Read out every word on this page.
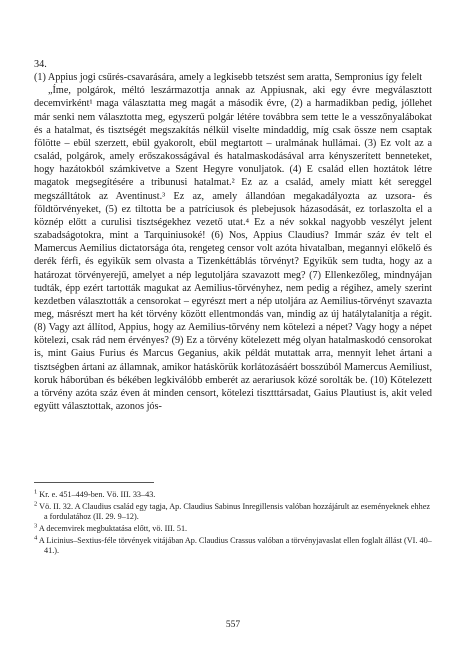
34.

(1) Appius jogi csűrés-csavarására, amely a legkisebb tetszést sem aratta, Sempronius így felelt

„Íme, polgárok, méltó leszármazottja annak az Appiusnak, aki egy évre megválasztott decemvirként¹ maga választatta meg magát a második évre, (2) a harmadikban pedig, jóllehet már senki nem választotta meg, egyszerű polgár létére továbbra sem tette le a vesszőnyalábokat és a hatalmat, és tisztségét megszakítás nélkül viselte mindaddig, míg csak össze nem csaptak fölötte – ebül szerzett, ebül gyakorolt, ebül megtartott – uralmának hullámai. (3) Ez volt az a család, polgárok, amely erőszakosságával és hatalmaskodásával arra kényszerített benneteket, hogy hazátokból számkivetve a Szent Hegyre vonuljatok. (4) E család ellen hoztátok létre magatok megsegítésére a tribunusi hatalmat.² Ez az a család, amely miatt két sereggel megszálltátok az Aventinust.³ Ez az, amely állandóan megakadályozta az uzsora- és földtörvényeket, (5) ez tiltotta be a patríciusok és plebejusok házasodását, ez torlaszolta el a köznép előtt a curulisi tisztségekhez vezető utat.⁴ Ez a név sokkal nagyobb veszélyt jelent szabadságotokra, mint a Tarquiniusoké! (6) Nos, Appius Claudius? Immár száz év telt el Mamercus Aemilius dictatorsága óta, rengeteg censor volt azóta hivatalban, megannyi előkelő és derék férfi, és egyikük sem olvasta a Tizenkéttáblás törvényt? Egyikük sem tudta, hogy az a határozat törvényerejű, amelyet a nép legutoljára szavazott meg? (7) Ellenkezőleg, mindnyájan tudták, épp ezért tartották magukat az Aemilius-törvényhez, nem pedig a régihez, amely szerint kezdetben választották a censorokat – egyrészt mert a nép utoljára az Aemilius-törvényt szavazta meg, másrészt mert ha két törvény között ellentmondás van, mindig az új hatálytalanítja a régit. (8) Vagy azt állítod, Appius, hogy az Aemilius-törvény nem kötelezi a népet? Vagy hogy a népet kötelezi, csak rád nem érvényes? (9) Ez a törvény kötelezett még olyan hatalmaskodó censorokat is, mint Gaius Furius és Marcus Geganius, akik példát mutattak arra, mennyit lehet ártani a tisztségben ártani az államnak, amikor hatáskörük korlátozásáért bosszúból Mamercus Aemiliust, koruk háborúban és békében legkiválóbb emberét az aerariusok közé sorolták be. (10) Kötelezett a törvény azóta száz éven át minden censort, kötelezi tisztttársadat, Gaius Plautiust is, akit veled együtt választottak, azonos jós-

$^1$ Kr. e. 451–449-ben. Vö. III. 33–43.

$^2$ Vö. II. 32. A Claudius család egy tagja, Ap. Claudius Sabinus Inregillensis valóban hozzájárult az eseményeknek ehhez a fordulatához (II. 29. 9–12).

$^3$ A decemvirek megbuktatása előtt, vö. III. 51.

$^4$ A Licinius–Sextius-féle törvények vitájában Ap. Claudius Crassus valóban a törvényjavaslat ellen foglalt állást (VI. 40–41.).

557
